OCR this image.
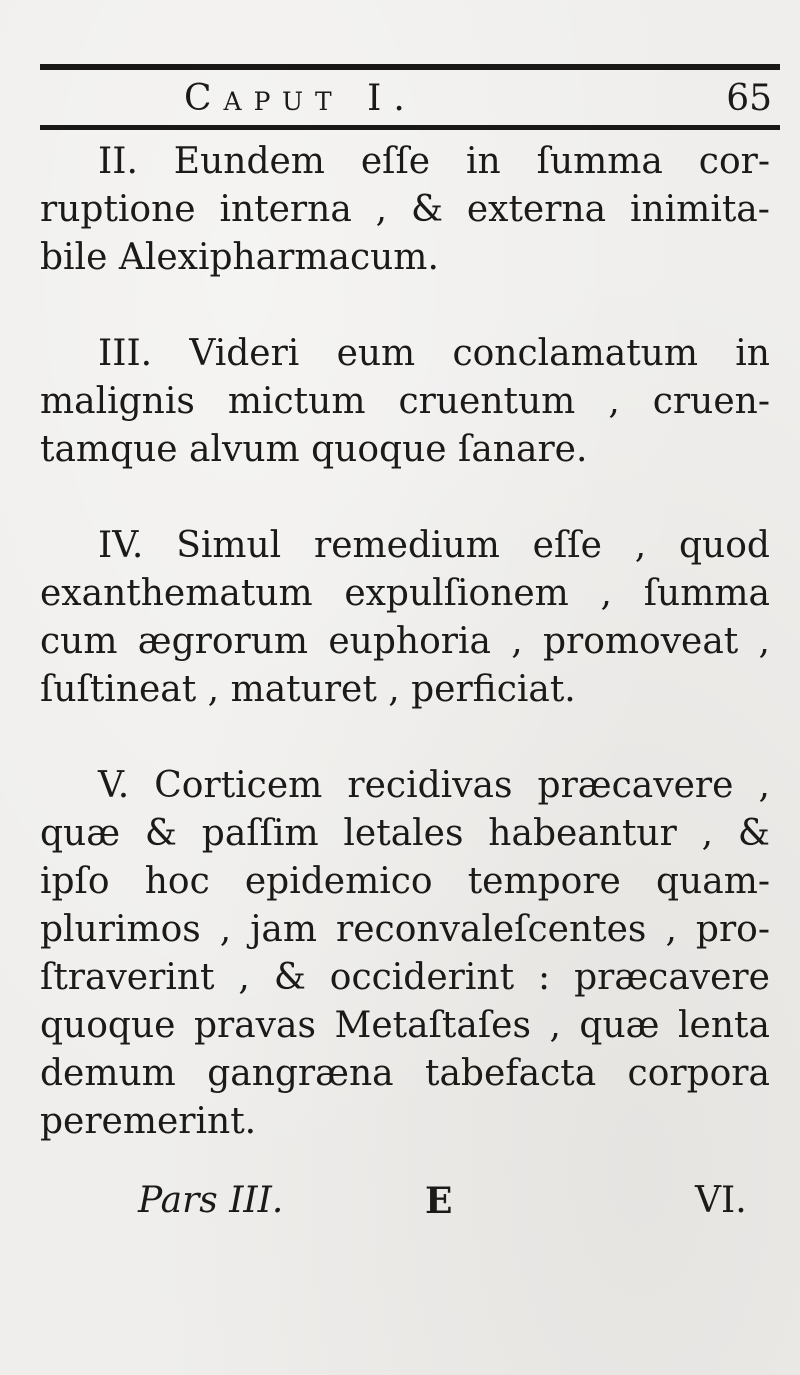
Caput I.	65
II. Eundem eſſe in ſumma cor-
ruptione interna , & externa inimita-
bile Alexipharmacum.
III. Videri eum conclamatum in
malignis mictum cruentum , cruen-
tamque alvum quoque ſanare.
IV. Simul remedium eſſe , quod
exanthematum expulſionem , ſumma
cum ægrorum euphoria , promoveat ,
ſuſtineat , maturet , perficiat.
V. Corticem recidivas præcavere ,
quæ & paſſim letales habeantur , &
ipſo hoc epidemico tempore quam-
plurimos , jam reconvaleſcentes , pro-
ſtraverint , & occiderint : præcavere
quoque pravas Metaſtaſes , quæ lenta
demum gangræna tabefacta corpora
peremerint.
Pars III.	E	VI.
